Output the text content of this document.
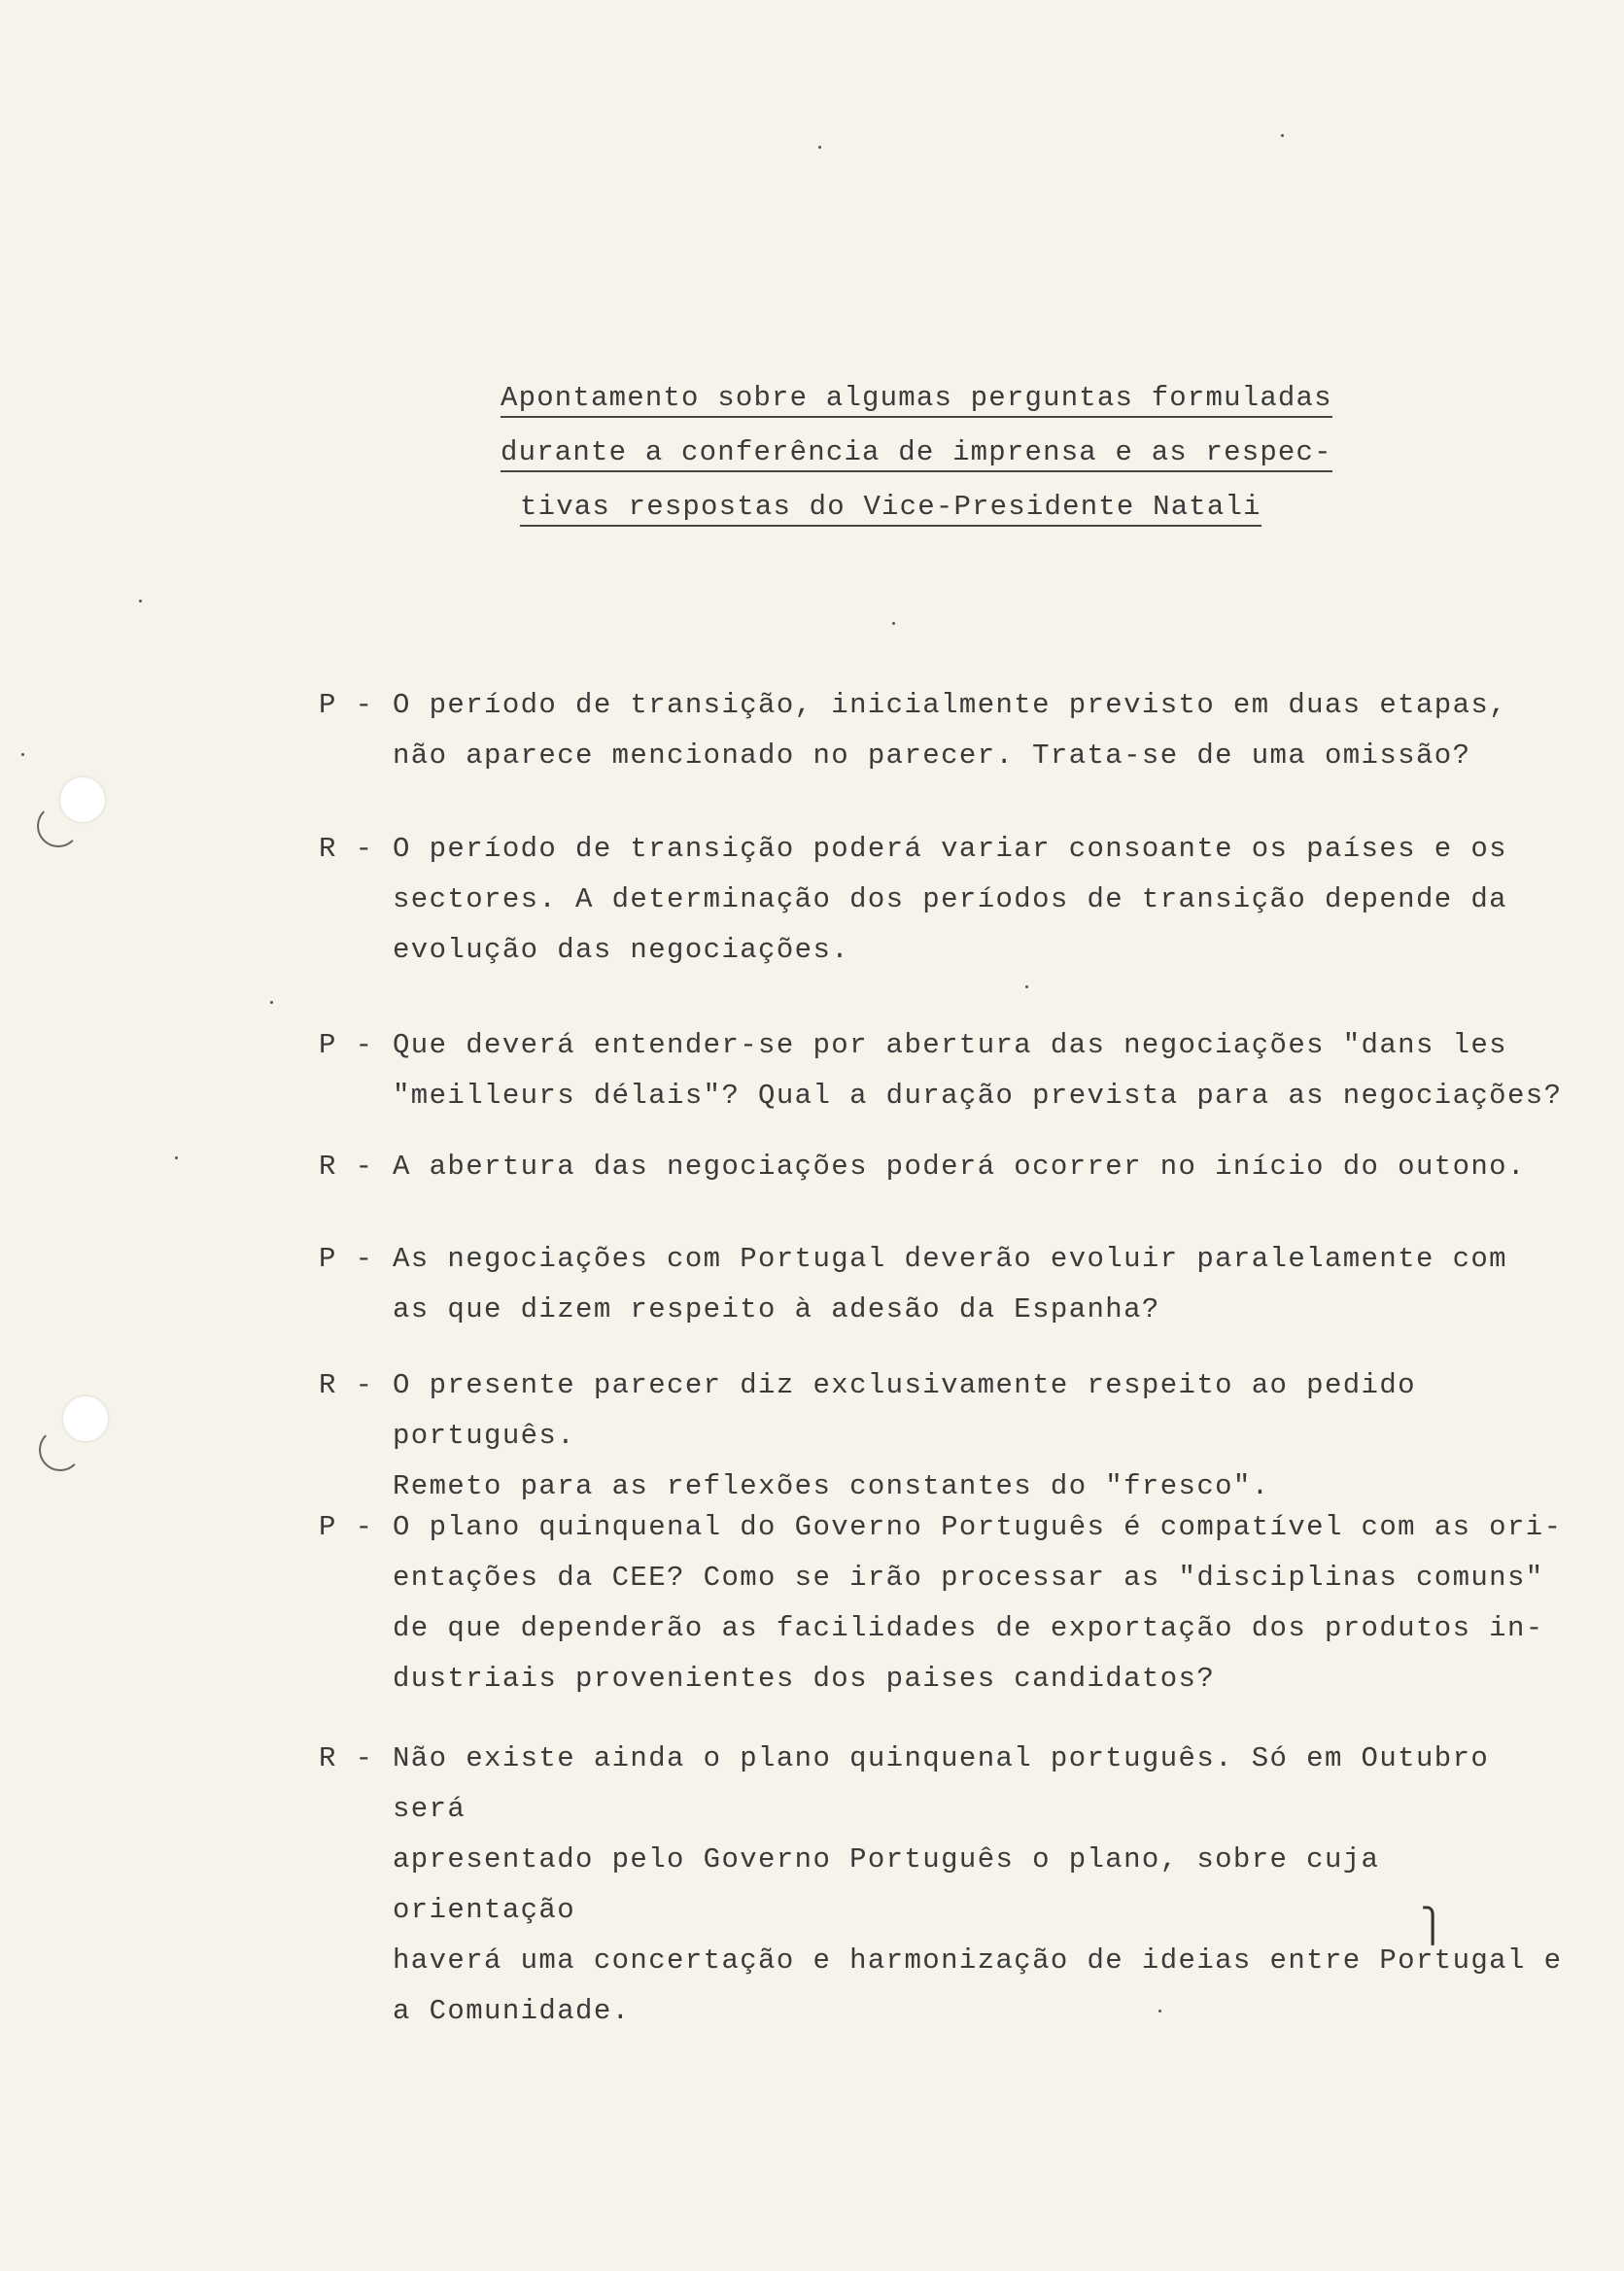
Apontamento sobre algumas perguntas formuladas
durante a conferência de imprensa e as respec-
tivas respostas do Vice-Presidente Natali
P - O período de transição, inicialmente previsto em duas etapas,
não aparece mencionado no parecer. Trata-se de uma omissão?
R - O período de transição poderá variar consoante os países e os
sectores. A determinação dos períodos de transição depende da
evolução das negociações.
P - Que deverá entender-se por abertura das negociações "dans les
"meilleurs délais"? Qual a duração prevista para as negociações?
R - A abertura das negociações poderá ocorrer no início do outono.
P - As negociações com Portugal deverão evoluir paralelamente com
as que dizem respeito à adesão da Espanha?
R - O presente parecer diz exclusivamente respeito ao pedido português.
Remeto para as reflexões constantes do "fresco".
P - O plano quinquenal do Governo Português é compatível com as ori-
entações da CEE? Como se irão processar as "disciplinas comuns"
de que dependerão as facilidades de exportação dos produtos in-
dustriais provenientes dos paises candidatos?
R - Não existe ainda o plano quinquenal português. Só em Outubro será
apresentado pelo Governo Português o plano, sobre cuja orientação
haverá uma concertação e harmonização de ideias entre Portugal e
a Comunidade.
⎫
